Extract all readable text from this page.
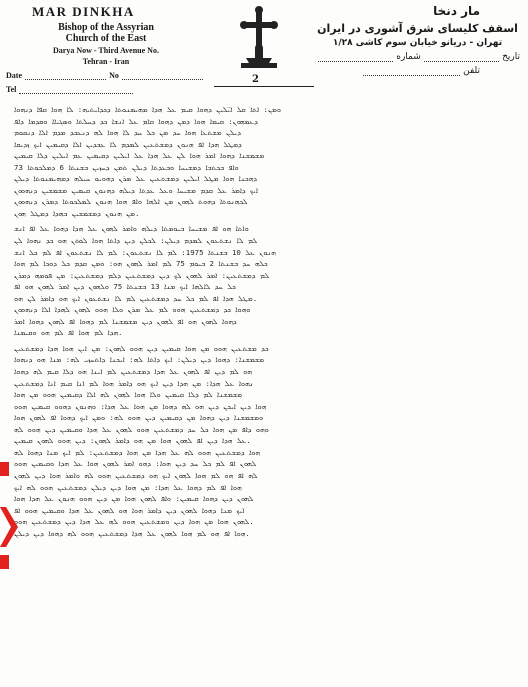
MAR DINKHA
Bishop of the Assyrian
Church of the East
Darya Now - Third Avenue No.
Tehran - Iran
Date	No
Tel
2
مار دنخا
اسقف کلیسای شرق آشوری در ایران
تهران - دریانو خیابان سوم کاشی ۱/۲۸
تاریخ
شماره
تلفن

ܘܡܢ: ܐܬܐ ܩܠ ܐܝ̈ܠܝܢ ܕܗܘܐ ܩܝܡ ܥܠ ܗܕܐ ܡܗܝܡܢܘܬܐ ܕܟܕܐܝܬܝܗ: ܠܐ ܗܘܐ ܩܦܐ ܕܢܗܘܐ

ܕܥܡܗܘܢ: ܩܝܡܐ ܗܘܐ ܕܡܢ ܕܗܘܐ ܩܐܡ ܥܠ ܐܢܫܐ ܟܕ ܕܚܠܬܐ ܘܣܓܝܐܐ ܘܩܕܡܐ ܕܐܦ

ܕܝܠܢ ܡܫܬܥܐ ܗܘܐ ܚܕ ܡܢ ܟܠ ܚܕ ܠܐ ܗܘܐ ܠܗ ܕܢܥܒܕ ܡܕܡ ܐܠܐ ܕܢܩܘܡ

ܕܡܛܠ ܗܕܐ ܐܦ ܗܢܘܢ ܕܡܫܬܥܝܢ ܠܡܕܡ ܠܐ ܥܒܕܝܢ ܐܠܐ ܕܩܝܡܝܢ ܐܝܟ ܙܕܝܩܐ

ܡܫܡܫܢܐ ܕܗܘܐ ܐܡܪ ܗܘܐ ܠܢ ܥܠ ܗܕܐ ܥܠ ܐܝܠܝܢ ܕܩܝܡܝܢ ܥܡ ܐܝܠܝܢ ܕܠܐ ܩܝܡܝܢ

ܘܐܦ ܒܟܬܒܐ ܕܡܫܝܚܐ ܘܒܥܕܬܐ ܕܝܠܢ ܬܡܢ ܕܚܙܝܢ ܒܫܢܬܐ 6 ܕܡܠܟܘܬܐ 73

ܕܗܟܢܐ ܗܘܐ ܡܛܠ ܐܝܠܝܢ ܕܡܫܬܥܝܢ ܥܠ ܡܪܢ ܕܗܘܝܘ ܚܝܠܗ ܕܡܗܝܡܢܘܬܐ ܕܝܠܢ

ܐܝܟ ܕܐܡܪ ܥܠ ܩܕܡ ܡܫܝܚܐ ܘܥܠ ܥܕܬܐ ܕܝܠܗ ܕܗܢܘܢ ܩܝܡܝܢ ܡܫܡܫܝܢ ܕܢܗܘܘܢ

ܠܟܗܢܘܬܐ ܕܗܘܬ ܠܗܘܢ ܡܢ ܐܠܗܐ ܘܐܦ ܗܘܐ ܗܢܘܢ ܠܡܠܟܘܬܐ ܕܡܪܢ ܕܢܗܘܘܢ

ܡܢ ܗܢܘܢ ܕܡܫܡܫܝܢ ܒܗܕܐ ܕܡܛܠ ܗܘܢ.

ܘܐܬܐ ܗܘ ܐܦ ܡܫܝܚܐ ܒܝܘܡܬܐ ܕܝܠܗ ܘܐܡܪ ܠܗܘܢ ܥܠ ܗܕܐ ܕܗܘܐ ܥܠ ܐܦ ܐܢܫ

ܠܡ ܠܐ ܢܫܬܥܘܢ ܠܡܕܡ ܕܝܠܢ: ܠܟܠܢ ܕܝܢ ܕܐܬܐ ܗܘܐ ܠܘܬܢ ܗܘ ܟܕ ܢܗܘܐ ܠܢ

ܗܢܘܢ ܥܠ 10 ܒܫܢܬܐ 1975: ܠܡ ܠܐ ܢܫܬܥܘܢ: ܠܡ ܠܐ ܢܫܬܥܘܢ ܐܦ ܠܡ ܟܠ ܐܢܫ

ܟܠܗ ܚܕ ܒܫܢܬܐ 2 ܒܝܘܡ 75 ܠܡ ܐܡܪ ܠܗܘܢ ܗܘ: ܘܡܢ ܩܕܡ ܟܠ ܕܘܟܐ ܠܡ ܗܘܐ

ܠܡ ܕܡܫܬܥܝܢ: ܐܡܪ ܠܗܘܢ ܠܟ ܕܝܢ ܕܡܫܬܥܝܢ ܕܠܡ ܕܡܫܬܥܝܢ: ܡܢ ܦܘܡܗ ܕܡܪܢ

ܟܠ ܚܕ ܠܐܠܗܐ ܐܝܟ ܡܢܐ 13 ܒܫܢܬܐ 75 ܘܠܗܘܢ ܕܝܢ ܐܡܪ ܠܗܘܢ ܗܘ ܐܦ

ܡܛܠ ܗܕܐ ܐܦ ܠܡ ܟܠ ܚܕ ܕܡܫܬܥܝܢ ܠܡ ܠܐ ܢܫܬܥܘܢ ܐܝܟ ܗܘ ܕܐܡܪ ܠܢ ܗܘ.

ܘܗܘܐ ܟܕ ܕܡܫܬܥܝܢ ܗܘܘ ܠܡ ܥܠ ܡܪܢ ܘܠܐ ܗܘܘ ܠܗܘܢ ܠܗܕܐ ܐܠܐ ܕܢܗܘܘܢ

ܕܗܘܐ ܠܗܘܢ ܗܘ ܐܦ ܠܗܘܢ ܕܝܢ ܡܫܡܫܢܐ ܠܡ ܕܗܘܐ ܐܦ ܠܗܘܢ ܕܗܘܐ ܐܡܪ

ܗܕܐ ܠܡ ܗܘܐ ܐܦ ܠܡ ܗܘ ܘܩܝܡܢܐ.

ܟܕ ܡܫܬܥܝܢ ܗܘܘ ܡܢ ܗܘܐ ܩܝܡܝܢ ܕܝܢ ܗܘܘ ܠܗܘܢ: ܡܢ ܐܝܢ ܗܘܐ ܗܕܐ ܕܡܫܬܥܝܢ

ܡܫܡܫܢܐ: ܕܗܘܐ ܕܝܢ ܕܝܠܢ: ܐܝܟ ܕܐܬܐ ܠܗ: ܐܝܟܢܐ ܕܐܬܚܙܝ ܠܗ: ܡܢܐ ܗܘ ܕܢܗܘܐ

ܗܘ ܠܡ ܕܝܢ ܐܦ ܠܗܘܢ ܥܠ ܗܕܐ ܕܡܫܬܥܝܢ ܠܡ ܐܝܢܐ ܗܘ ܕܠܐ ܩܝܡ ܠܗ ܕܗܘܐ

ܢܗܘܐ ܥܠ ܗܕܐ: ܡܢ ܗܕܐ ܕܝܢ ܐܝܟ ܗܘ ܕܐܡܪ ܗܘܐ ܠܡ ܐܢܐ ܩܝܡ ܐܢܐ ܕܡܫܬܥܝܢ

ܡܫܡܫܢܐ ܠܡ ܕܠܐ ܩܝܡܝܢ ܘܠܐ ܗܘܐ ܠܗܘܢ ܠܗ ܐܠܐ ܕܩܝܡܝܢ ܗܘܘ ܡܢ ܗܘܐ

ܗܘܐ ܕܝܢ ܐܝܟܢ ܕܝܢ ܗܘ ܠܗ ܕܗܘܐ ܡܢ ܗܘܐ ܥܠ ܗܕܐ: ܘܗܢܘܢ ܕܗܘܘ ܩܝܡܝܢ ܗܘܘ

ܘܡܫܡܫܢܐ ܕܝܢ ܕܗܘܐ ܡܢ ܕܩܝܡܝܢ ܕܝܢ ܗܘܘ ܠܗ: ܘܡܢ ܐܝܟ ܕܗܘܐ ܐܦ ܠܗܘܢ ܗܘܐ

ܘܗܘ ܕܐܦ ܡܢ ܗܘܐ ܟܠ ܚܕ ܕܡܫܬܥܝܢ ܗܘܘ ܠܗܘܢ ܥܠ ܗܕܐ ܘܩܝܡܝܢ ܕܝܢ ܗܘܘ ܠܗ

ܥܠ ܗܕܐ ܕܝܢ ܐܦ ܠܗܘܢ ܗܘܐ ܡܢ ܗܘ ܕܐܡܪ ܠܗܘܢ: ܕܝܢ ܗܘܘ ܠܗܘܢ ܩܝܡܝܢ.

ܗܘܐ ܕܡܫܬܥܝܢ ܗܘܘ ܠܗ ܥܠ ܗܕܐ ܡܢ ܗܘܐ ܕܡܫܬܥܝܢ: ܠܡ ܐܝܟ ܡܢܐ ܕܗܘܐ ܠܗ

ܠܗܘܢ ܐܦ ܠܡ ܟܠ ܚܕ ܕܝܢ ܗܘܐ: ܕܗܘ ܐܡܪ ܠܗܘܢ ܗܘܐ ܥܠ ܗܕܐ ܘܩܝܡܝܢ ܗܘܘ

ܠܗ ܐܦ ܗܘ ܠܡ ܗܘܐ ܠܗܘܢ ܐܝܟ ܗܘ ܕܡܫܬܥܝܢ ܗܘܘ ܠܗ ܘܐܡܪ ܗܘܐ ܕܝܢ ܠܗܘܢ

ܗܘܐ ܐܦ ܠܡ ܕܗܘܐ ܥܠ ܗܕܐ: ܡܢ ܗܘܐ ܕܝܢ ܕܝܠܢ ܕܡܫܬܥܝܢ ܗܘܘ ܠܗ ܐܝܟ

ܠܗܘܢ ܕܝܢ ܕܗܘܐ ܩܝܡܝܢ: ܘܐܦ ܠܗܘܢ ܗܘܐ ܡܢ ܕܝܢ ܗܘܘ ܗܢܘܢ ܥܠ ܗܕܐ ܗܘܐ

ܐܝܟ ܡܢܐ ܕܗܘܐ ܠܗܘܢ ܕܝܢ ܕܐܡܪ ܗܘܐ ܗܘ ܠܗܘܢ ܥܠ ܗܕܐ ܘܩܝܡܝܢ ܗܘܘ ܐܦ

ܠܗܘܢ ܗܘܐ ܡܢ ܗܘܐ ܕܝܢ ܘܡܫܬܥܝܢ ܗܘܘ ܠܗ ܥܠ ܗܕܐ ܕܝܢ ܕܡܫܬܥܝܢ ܗܘܘ.

ܗܘܐ ܐܦ ܗܘ ܠܡ ܗܘܐ ܠܗܘܢ ܥܠ ܗܕܐ ܕܡܫܬܥܝܢ ܗܘܘ ܠܗ ܕܗܘܐ ܕܝܢ ܕܝܠܢ.
